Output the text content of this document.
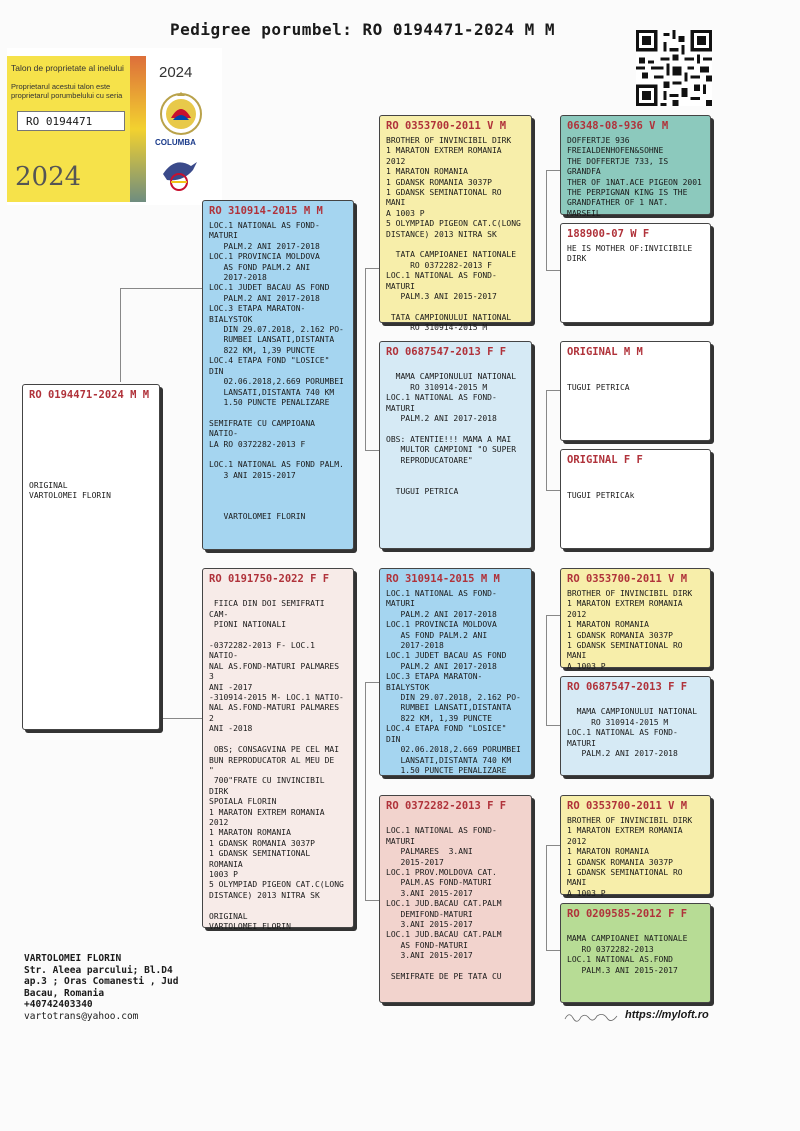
Pedigree porumbel: RO 0194471-2024 M M
Talon de proprietate al inelului
Proprietarul acestui talon este proprietarul porumbelului cu seria
RO 0194471
2024
2024
COLUMBA
RO 0194471-2024 M M
ORIGINAL
VARTOLOMEI FLORIN
RO 310914-2015 M M
LOC.1 NATIONAL AS FOND-MATURI
PALM.2 ANI 2017-2018
LOC.1 PROVINCIA MOLDOVA
AS FOND PALM.2 ANI
2017-2018
LOC.1 JUDET BACAU AS FOND
PALM.2 ANI 2017-2018
LOC.3 ETAPA MARATON-BIALYSTOK
DIN 29.07.2018, 2.162 PO-
RUMBEI LANSATI,DISTANTA
822 KM, 1,39 PUNCTE
LOC.4 ETAPA FOND "LOSICE" DIN
02.06.2018,2.669 PORUMBEI
LANSATI,DISTANTA 740 KM
1.50 PUNCTE PENALIZARE

SEMIFRATE CU CAMPIOANA NATIO-
LA RO 0372282-2013 F

LOC.1 NATIONAL AS FOND PALM.
3 ANI 2015-2017

VARTOLOMEI FLORIN
RO 0191750-2022 F F

FIICA DIN DOI SEMIFRATI CAM-
PIONI NATIONALI

-0372282-2013 F- LOC.1 NATIO-
NAL AS.FOND-MATURI PALMARES 3
ANI -2017
-310914-2015 M- LOC.1 NATIO-
NAL AS.FOND-MATURI PALMARES 2
ANI -2018

OBS; CONSAGVINA PE CEL MAI
BUN REPRODUCATOR AL MEU DE  "
700"FRATE CU INVINCIBIL DIRK
SPOIALA FLORIN
1 MARATON EXTREM ROMANIA 2012
1 MARATON ROMANIA
1 GDANSK ROMANIA 3037P
1 GDANSK SEMINATIONAL ROMANIA
1003 P
5 OLYMPIAD PIGEON CAT.C(LONG
DISTANCE) 2013 NITRA SK

ORIGINAL
VARTOLOMEI FLORIN
RO 0353700-2011 V M
BROTHER OF INVINCIBIL DIRK
1 MARATON EXTREM ROMANIA 2012
1 MARATON ROMANIA
1 GDANSK ROMANIA 3037P
1 GDANSK SEMINATIONAL RO MANI
A 1003 P
5 OLYMPIAD PIGEON CAT.C(LONG
DISTANCE) 2013 NITRA SK

TATA CAMPIOANEI NATIONALE
RO 0372282-2013 F
LOC.1 NATIONAL AS FOND-MATURI
PALM.3 ANI 2015-2017

TATA CAMPIONULUI NATIONAL
RO 310914-2015 M
RO 0687547-2013 F F

MAMA CAMPIONULUI NATIONAL
RO 310914-2015 M
LOC.1 NATIONAL AS FOND-MATURI
PALM.2 ANI 2017-2018

OBS: ATENTIE!!! MAMA A MAI
MULTOR CAMPIONI "O SUPER
REPRODUCATOARE"

TUGUI PETRICA
RO 310914-2015 M M
LOC.1 NATIONAL AS FOND-MATURI
PALM.2 ANI 2017-2018
LOC.1 PROVINCIA MOLDOVA
AS FOND PALM.2 ANI
2017-2018
LOC.1 JUDET BACAU AS FOND
PALM.2 ANI 2017-2018
LOC.3 ETAPA MARATON-BIALYSTOK
DIN 29.07.2018, 2.162 PO-
RUMBEI LANSATI,DISTANTA
822 KM, 1,39 PUNCTE
LOC.4 ETAPA FOND "LOSICE" DIN
02.06.2018,2.669 PORUMBEI
LANSATI,DISTANTA 740 KM
1.50 PUNCTE PENALIZARE
RO 0372282-2013 F F

LOC.1 NATIONAL AS FOND-MATURI
PALMARES  3.ANI
2015-2017
LOC.1 PROV.MOLDOVA CAT.
PALM.AS FOND-MATURI
3.ANI 2015-2017
LOC.1 JUD.BACAU CAT.PALM
DEMIFOND-MATURI
3.ANI 2015-2017
LOC.1 JUD.BACAU CAT.PALM
AS FOND-MATURI
3.ANI 2015-2017

SEMIFRATE DE PE TATA CU
06348-08-936 V M
DOFFERTJE 936
FREIALDENHOFEN&SOHNE
THE DOFFERTJE 733, IS GRANDFA
THER OF 1NAT.ACE PIGEON 2001
THE PERPIGNAN KING IS THE
GRANDFATHER OF 1 NAT. MARSEIL
188900-07 W F
HE IS MOTHER OF:INVICIBILE
DIRK
ORIGINAL M M

TUGUI PETRICA
ORIGINAL F F

TUGUI PETRICAk
RO 0353700-2011 V M
BROTHER OF INVINCIBIL DIRK
1 MARATON EXTREM ROMANIA 2012
1 MARATON ROMANIA
1 GDANSK ROMANIA 3037P
1 GDANSK SEMINATIONAL RO MANI
A 1003 P
RO 0687547-2013 F F

MAMA CAMPIONULUI NATIONAL
RO 310914-2015 M
LOC.1 NATIONAL AS FOND-MATURI
PALM.2 ANI 2017-2018
RO 0353700-2011 V M
BROTHER OF INVINCIBIL DIRK
1 MARATON EXTREM ROMANIA 2012
1 MARATON ROMANIA
1 GDANSK ROMANIA 3037P
1 GDANSK SEMINATIONAL RO MANI
A 1003 P
RO 0209585-2012 F F

MAMA CAMPIOANEI NATIONALE
RO 0372282-2013
LOC.1 NATIONAL AS.FOND
PALM.3 ANI 2015-2017
VARTOLOMEI FLORIN
Str. Aleea parcului; Bl.D4
ap.3 ; Oras Comanesti , Jud
Bacau, Romania
+40742403340
vartotrans@yahoo.com	https://myloft.ro
